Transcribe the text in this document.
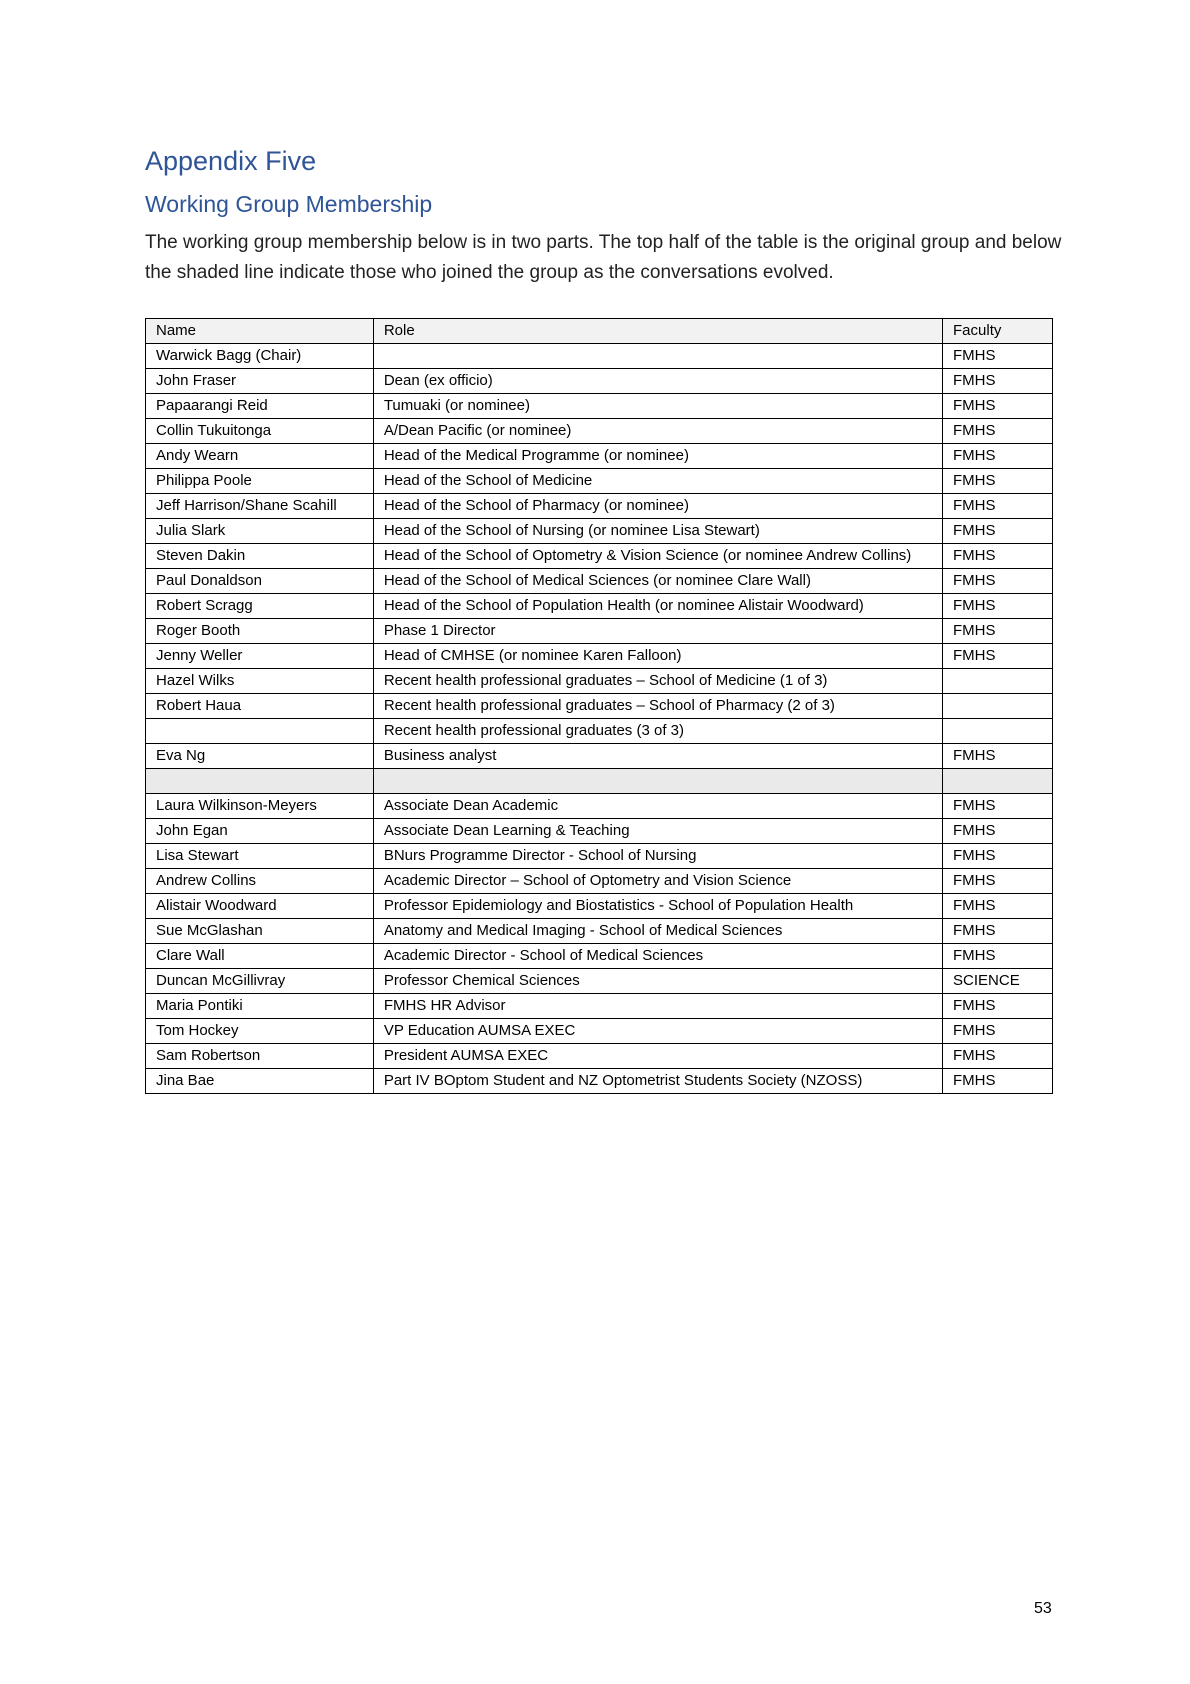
Appendix Five
Working Group Membership

The working group membership below is in two parts. The top half of the table is the original group and below the shaded line indicate those who joined the group as the conversations evolved.

Name	Role	Faculty
Warwick Bagg (Chair)		FMHS
John Fraser	Dean (ex officio)	FMHS
Papaarangi Reid	Tumuaki (or nominee)	FMHS
Collin Tukuitonga	A/Dean Pacific (or nominee)	FMHS
Andy Wearn	Head of the Medical Programme (or nominee)	FMHS
Philippa Poole	Head of the School of Medicine	FMHS
Jeff Harrison/Shane Scahill	Head of the School of Pharmacy (or nominee)	FMHS
Julia Slark	Head of the School of Nursing (or nominee Lisa Stewart)	FMHS
Steven Dakin	Head of the School of Optometry & Vision Science (or nominee Andrew Collins)	FMHS
Paul Donaldson	Head of the School of Medical Sciences (or nominee Clare Wall)	FMHS
Robert Scragg	Head of the School of Population Health (or nominee Alistair Woodward)	FMHS
Roger Booth	Phase 1 Director	FMHS
Jenny Weller	Head of CMHSE (or nominee Karen Falloon)	FMHS
Hazel Wilks	Recent health professional graduates – School of Medicine (1 of 3)	
Robert Haua	Recent health professional graduates – School of Pharmacy (2 of 3)	
	Recent health professional graduates (3 of 3)	
Eva Ng	Business analyst	FMHS

Laura Wilkinson-Meyers	Associate Dean Academic	FMHS
John Egan	Associate Dean Learning & Teaching	FMHS
Lisa Stewart	BNurs Programme Director - School of Nursing	FMHS
Andrew Collins	Academic Director – School of Optometry and Vision Science	FMHS
Alistair Woodward	Professor Epidemiology and Biostatistics - School of Population Health	FMHS
Sue McGlashan	Anatomy and Medical Imaging - School of Medical Sciences	FMHS
Clare Wall	Academic Director - School of Medical Sciences	FMHS
Duncan McGillivray	Professor Chemical Sciences	SCIENCE
Maria Pontiki	FMHS HR Advisor	FMHS
Tom Hockey	VP Education AUMSA EXEC	FMHS
Sam Robertson	President AUMSA EXEC	FMHS
Jina Bae	Part IV BOptom Student and NZ Optometrist Students Society (NZOSS)	FMHS
53
